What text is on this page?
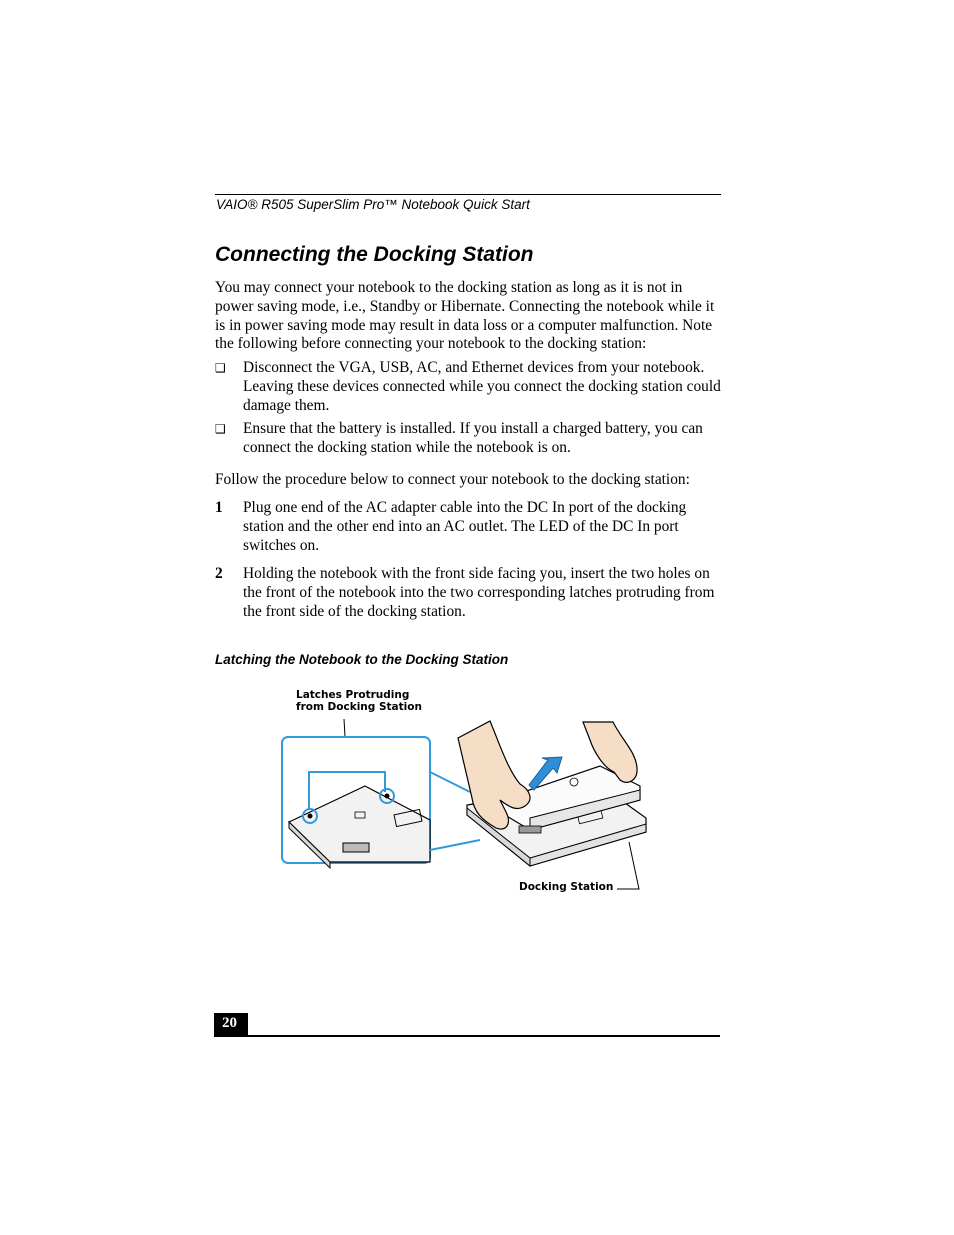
VAIO® R505 SuperSlim Pro™ Notebook Quick Start
Connecting the Docking Station

You may connect your notebook to the docking station as long as it is not in power saving mode, i.e., Standby or Hibernate. Connecting the notebook while it is in power saving mode may result in data loss or a computer malfunction. Note the following before connecting your notebook to the docking station:

❑ Disconnect the VGA, USB, AC, and Ethernet devices from your notebook. Leaving these devices connected while you connect the docking station could damage them.
❑ Ensure that the battery is installed. If you install a charged battery, you can connect the docking station while the notebook is on.

Follow the procedure below to connect your notebook to the docking station:

1 Plug one end of the AC adapter cable into the DC In port of the docking station and the other end into an AC outlet. The LED of the DC In port switches on.
2 Holding the notebook with the front side facing you, insert the two holes on the front of the notebook into the two corresponding latches protruding from the front side of the docking station.

Latching the Notebook to the Docking Station

Latches Protruding
from Docking Station
Docking Station
20
